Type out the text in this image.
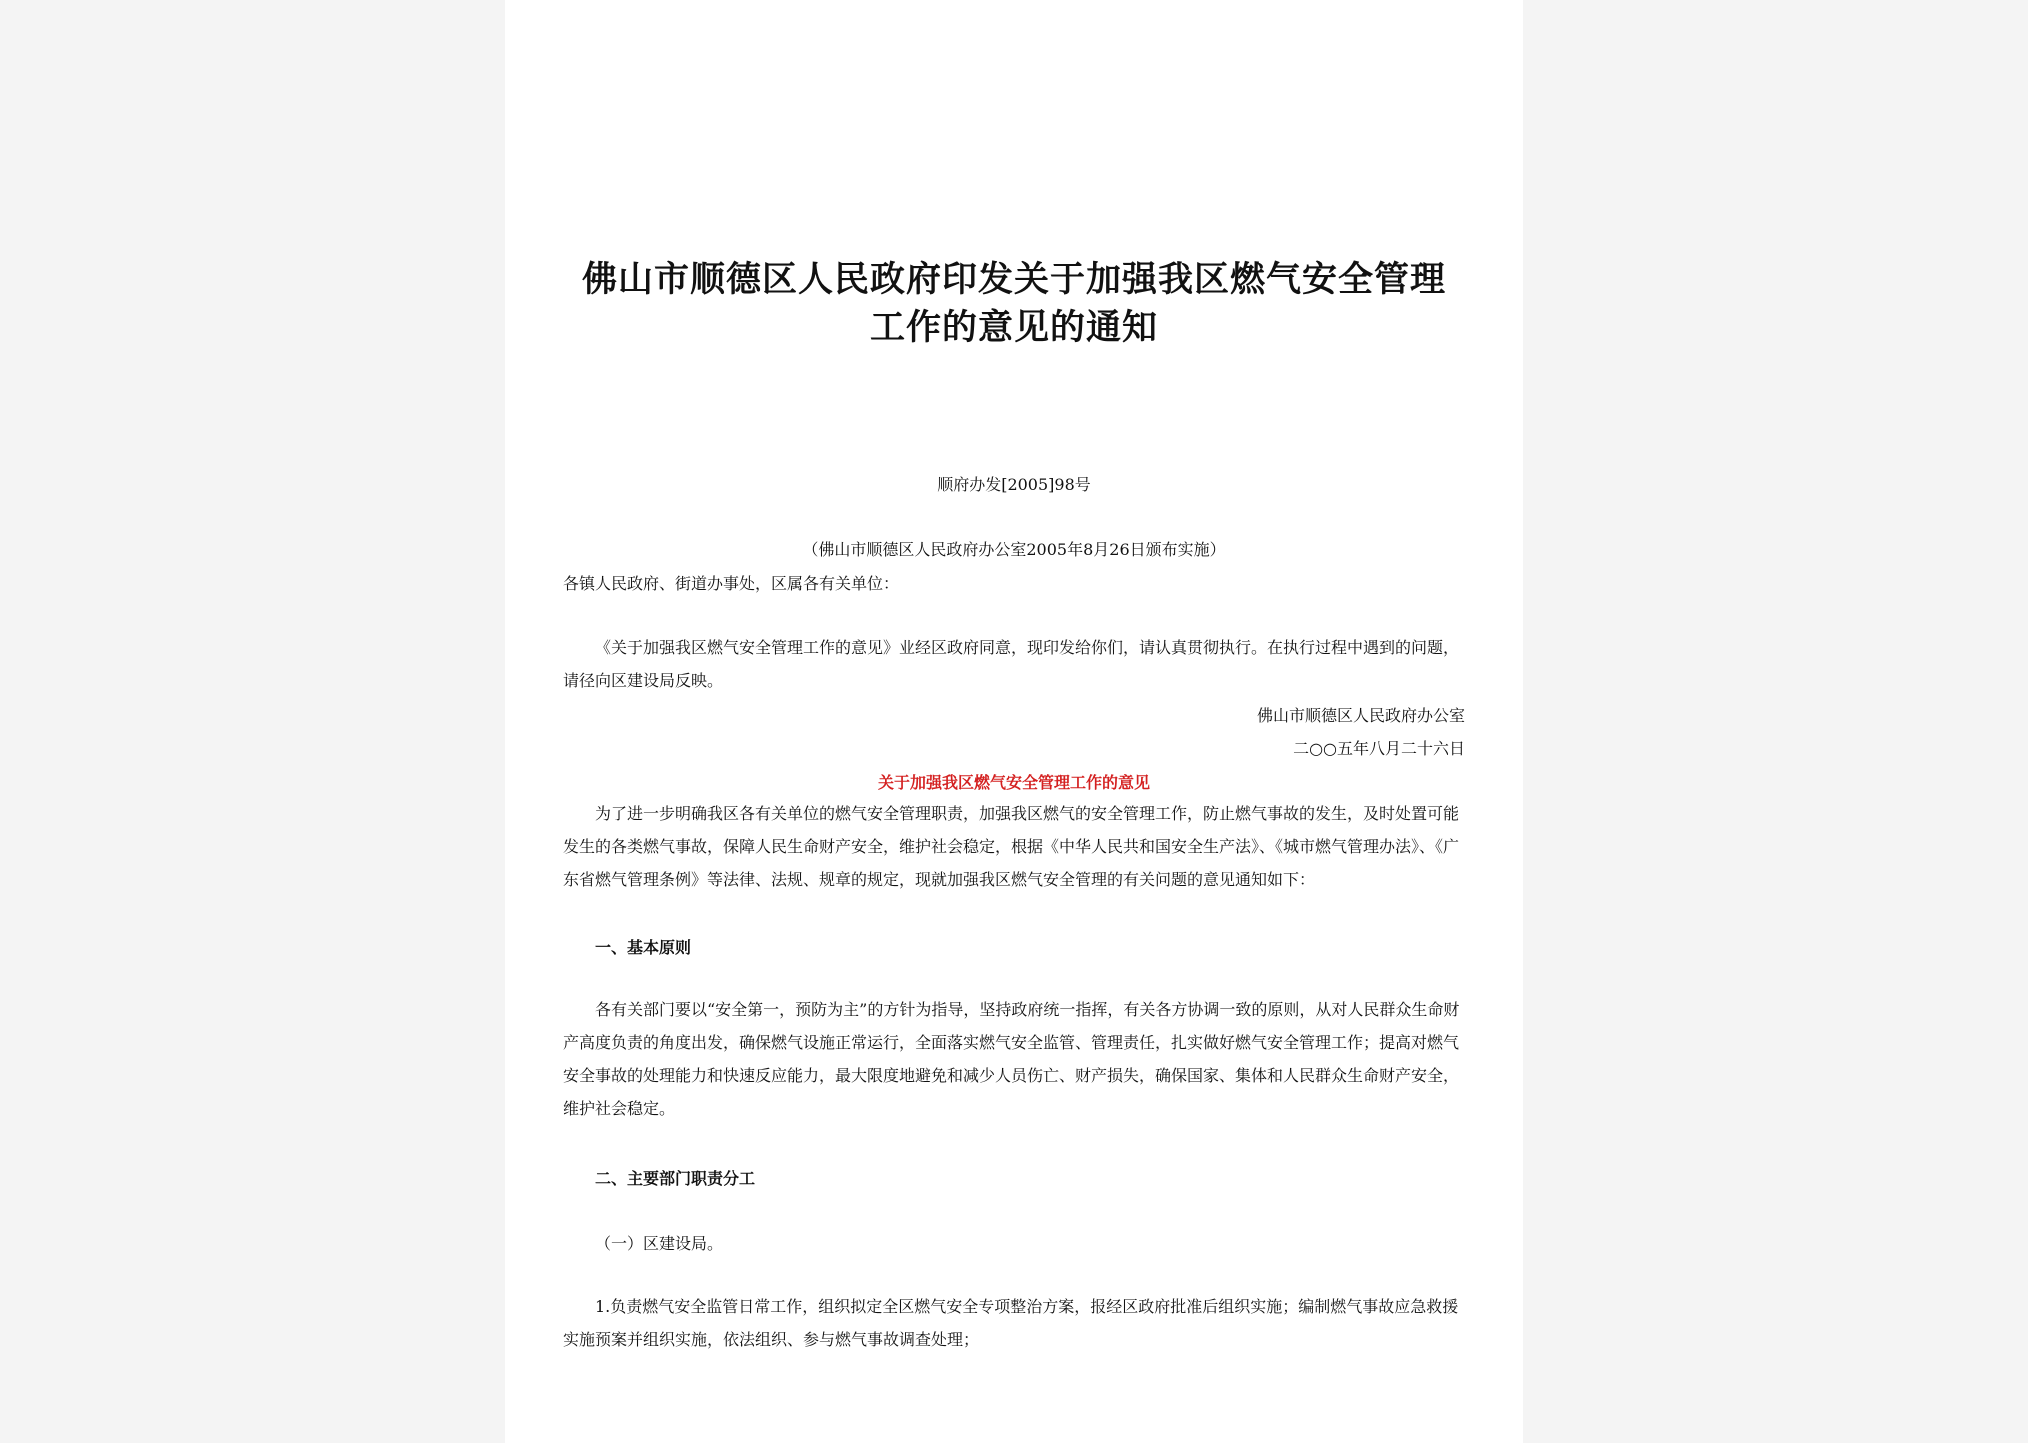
佛山市顺德区人民政府印发关于加强我区燃气安全管理
工作的意见的通知
顺府办发[2005]98号
（佛山市顺德区人民政府办公室2005年8月26日颁布实施）

各镇人民政府、街道办事处，区属各有关单位：

《关于加强我区燃气安全管理工作的意见》业经区政府同意，现印发给你们，请认真贯彻执行。在执行过程中遇到的问题，请径向区建设局反映。

佛山市顺德区人民政府办公室
二○○五年八月二十六日
关于加强我区燃气安全管理工作的意见

为了进一步明确我区各有关单位的燃气安全管理职责，加强我区燃气的安全管理工作，防止燃气事故的发生，及时处置可能发生的各类燃气事故，保障人民生命财产安全，维护社会稳定，根据《中华人民共和国安全生产法》、《城市燃气管理办法》、《广东省燃气管理条例》等法律、法规、规章的规定，现就加强我区燃气安全管理的有关问题的意见通知如下：

一、基本原则

各有关部门要以“安全第一，预防为主”的方针为指导，坚持政府统一指挥，有关各方协调一致的原则，从对人民群众生命财产高度负责的角度出发，确保燃气设施正常运行，全面落实燃气安全监管、管理责任，扎实做好燃气安全管理工作；提高对燃气安全事故的处理能力和快速反应能力，最大限度地避免和减少人员伤亡、财产损失，确保国家、集体和人民群众生命财产安全，维护社会稳定。

二、主要部门职责分工
（一）区建设局。

1.负责燃气安全监管日常工作，组织拟定全区燃气安全专项整治方案，报经区政府批准后组织实施；编制燃气事故应急救援实施预案并组织实施，依法组织、参与燃气事故调查处理；
